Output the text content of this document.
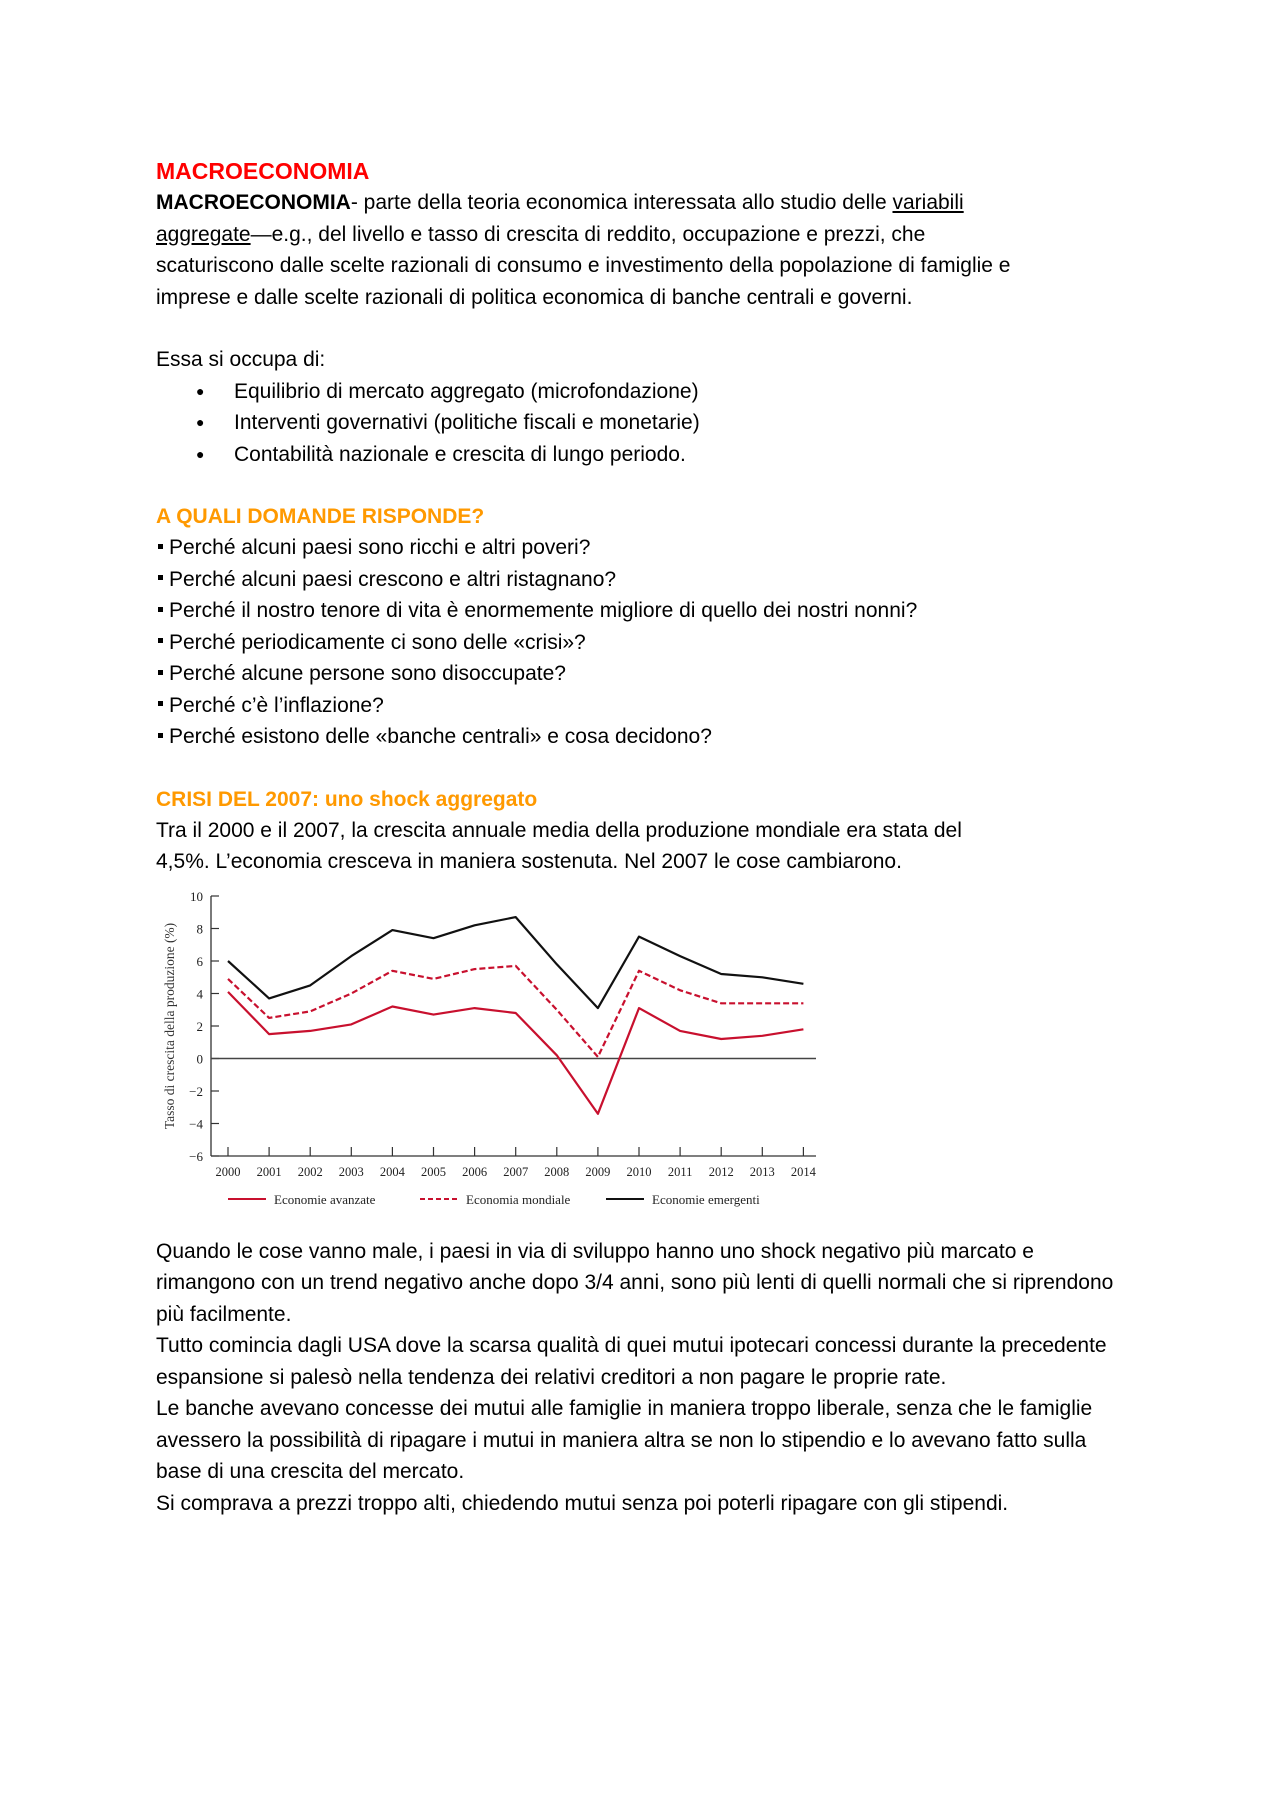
MACROECONOMIA

MACROECONOMIA- parte della teoria economica interessata allo studio delle variabili
aggregate—e.g., del livello e tasso di crescita di reddito, occupazione e prezzi, che
scaturiscono dalle scelte razionali di consumo e investimento della popolazione di famiglie e
imprese e dalle scelte razionali di politica economica di banche centrali e governi.

Essa si occupa di:

● Equilibrio di mercato aggregato (microfondazione)
● Interventi governativi (politiche fiscali e monetarie)
● Contabilità nazionale e crescita di lungo periodo.
A QUALI DOMANDE RISPONDE?
Perché alcuni paesi sono ricchi e altri poveri?
Perché alcuni paesi crescono e altri ristagnano?
Perché il nostro tenore di vita è enormemente migliore di quello dei nostri nonni?
Perché periodicamente ci sono delle «crisi»?
Perché alcune persone sono disoccupate?
Perché c’è l’inflazione?
Perché esistono delle «banche centrali» e cosa decidono?
CRISI DEL 2007: uno shock aggregato

Tra il 2000 e il 2007, la crescita annuale media della produzione mondiale era stata del
4,5%. L’economia cresceva in maniera sostenuta. Nel 2007 le cose cambiarono.

10
8
6
4
2
0
−2
−4
−6
2000 2001 2002 2003 2004 2005 2006 2007 2008 2009 2010 2011 2012 2013 2014
Tasso di crescita della produzione (%)
Economie avanzate	Economia mondiale	Economie emergenti

Quando le cose vanno male, i paesi in via di sviluppo hanno uno shock negativo più marcato e rimangono con un trend negativo anche dopo 3/4 anni, sono più lenti di quelli normali che si riprendono più facilmente.

Tutto comincia dagli USA dove la scarsa qualità di quei mutui ipotecari concessi durante la precedente espansione si palesò nella tendenza dei relativi creditori a non pagare le proprie rate.

Le banche avevano concesse dei mutui alle famiglie in maniera troppo liberale, senza che le famiglie avessero la possibilità di ripagare i mutui in maniera altra se non lo stipendio e lo avevano fatto sulla base di una crescita del mercato.

Si comprava a prezzi troppo alti, chiedendo mutui senza poi poterli ripagare con gli stipendi.
